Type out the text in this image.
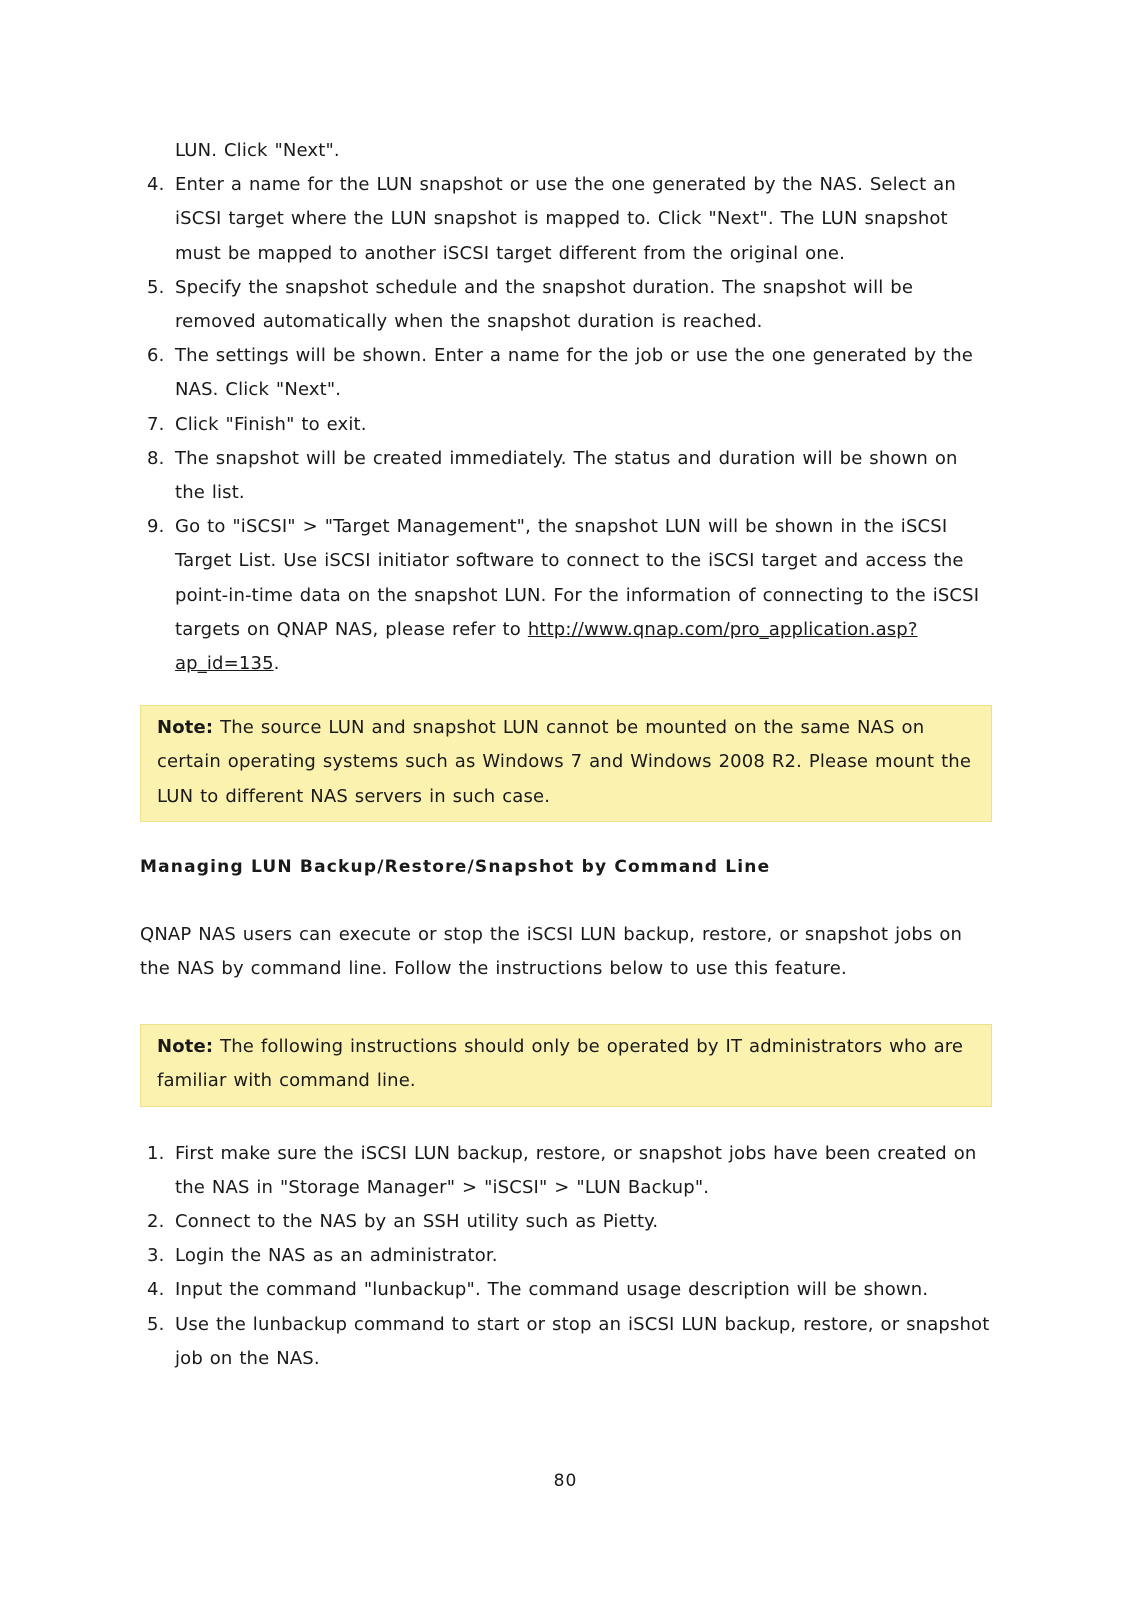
LUN. Click "Next".
4. Enter a name for the LUN snapshot or use the one generated by the NAS. Select an iSCSI target where the LUN snapshot is mapped to. Click "Next". The LUN snapshot must be mapped to another iSCSI target different from the original one.
5. Specify the snapshot schedule and the snapshot duration. The snapshot will be removed automatically when the snapshot duration is reached.
6. The settings will be shown. Enter a name for the job or use the one generated by the NAS. Click "Next".
7. Click "Finish" to exit.
8. The snapshot will be created immediately. The status and duration will be shown on the list.
9. Go to "iSCSI" > "Target Management", the snapshot LUN will be shown in the iSCSI Target List. Use iSCSI initiator software to connect to the iSCSI target and access the point-in-time data on the snapshot LUN. For the information of connecting to the iSCSI targets on QNAP NAS, please refer to http://www.qnap.com/pro_application.asp?ap_id=135.
Note: The source LUN and snapshot LUN cannot be mounted on the same NAS on certain operating systems such as Windows 7 and Windows 2008 R2. Please mount the LUN to different NAS servers in such case.
Managing LUN Backup/Restore/Snapshot by Command Line

QNAP NAS users can execute or stop the iSCSI LUN backup, restore, or snapshot jobs on the NAS by command line. Follow the instructions below to use this feature.

Note: The following instructions should only be operated by IT administrators who are familiar with command line.
1. First make sure the iSCSI LUN backup, restore, or snapshot jobs have been created on the NAS in "Storage Manager" > "iSCSI" > "LUN Backup".
2. Connect to the NAS by an SSH utility such as Pietty.
3. Login the NAS as an administrator.
4. Input the command "lunbackup". The command usage description will be shown.
5. Use the lunbackup command to start or stop an iSCSI LUN backup, restore, or snapshot job on the NAS.
80
